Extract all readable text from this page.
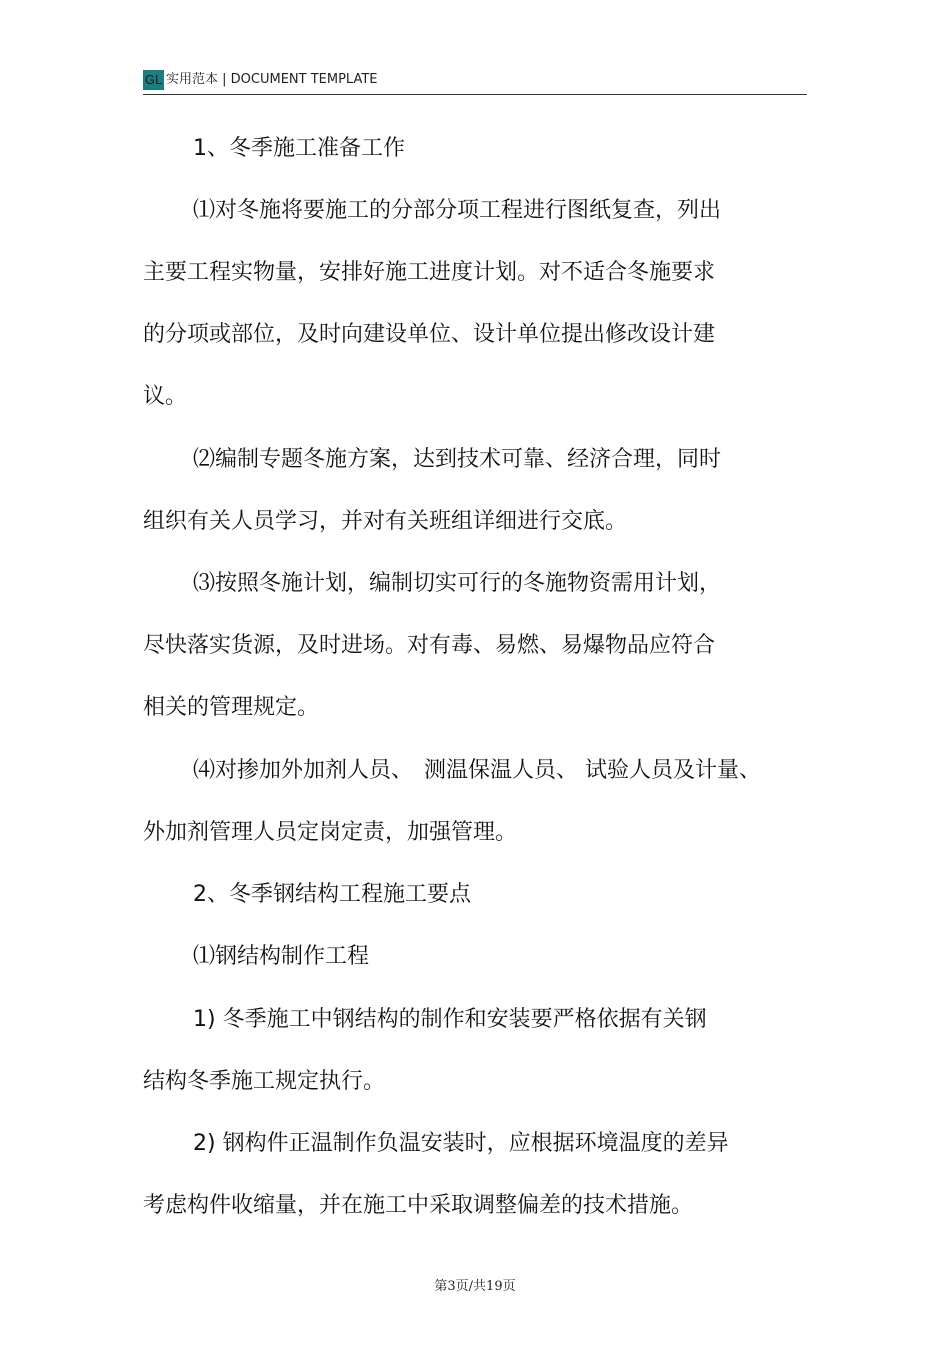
GL 实用范本 | DOCUMENT TEMPLATE
1、冬季施工准备工作
⑴对冬施将要施工的分部分项工程进行图纸复查，列出
主要工程实物量，安排好施工进度计划。对不适合冬施要求
的分项或部位，及时向建设单位、设计单位提出修改设计建
议。
⑵编制专题冬施方案，达到技术可靠、经济合理，同时
组织有关人员学习，并对有关班组详细进行交底。
⑶按照冬施计划，编制切实可行的冬施物资需用计划，
尽快落实货源，及时进场。对有毒、易燃、易爆物品应符合
相关的管理规定。
⑷对掺加外加剂人员、　测温保温人员、 试验人员及计量、
外加剂管理人员定岗定责，加强管理。
2、冬季钢结构工程施工要点
⑴钢结构制作工程
1) 冬季施工中钢结构的制作和安装要严格依据有关钢
结构冬季施工规定执行。
2) 钢构件正温制作负温安装时，应根据环境温度的差异
考虑构件收缩量，并在施工中采取调整偏差的技术措施。
第3页/共19页
